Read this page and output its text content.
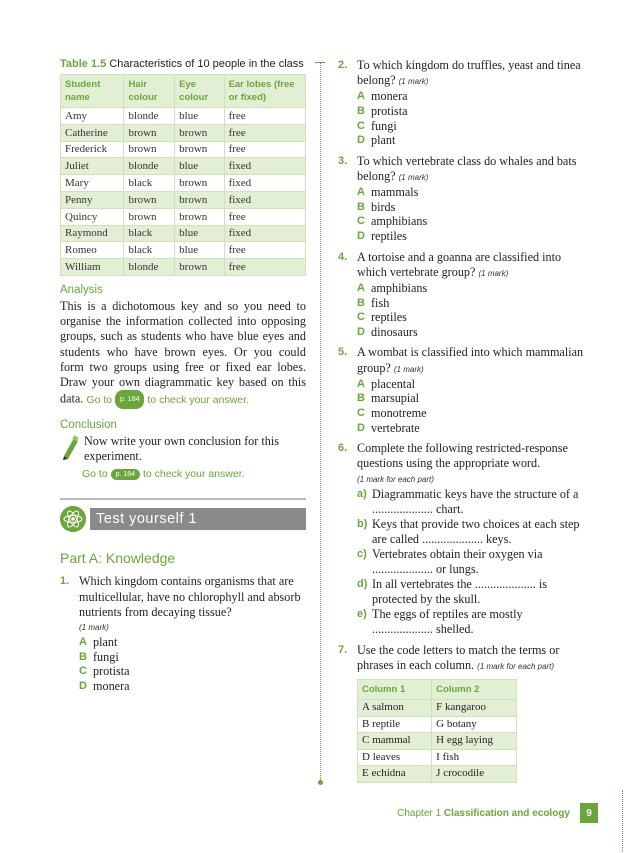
Table 1.5 Characteristics of 10 people in the class

Student name	Hair colour	Eye colour	Ear lobes (free or fixed)
Amy	blonde	blue	free
Catherine	brown	brown	free
Frederick	brown	brown	free
Juliet	blonde	blue	fixed
Mary	black	brown	fixed
Penny	brown	brown	fixed
Quincy	brown	brown	free
Raymond	black	blue	fixed
Romeo	black	blue	free
William	blonde	brown	free
Analysis

This is a dichotomous key and so you need to organise the information collected into opposing groups, such as students who have blue eyes and students who have brown eyes. Or you could form two groups using free or fixed ear lobes. Draw your own diagrammatic key based on this data. Go to p. 184 to check your answer.

Conclusion
Now write your own conclusion for this experiment.
Go to p. 184 to check your answer.
Test yourself 1
Part A: Knowledge
1. Which kingdom contains organisms that are multicellular, have no chlorophyll and absorb nutrients from decaying tissue?
(1 mark)
A plant
B fungi
C protista
D monera
2. To which kingdom do truffles, yeast and tinea belong? (1 mark)
A monera
B protista
C fungi
D plant
3. To which vertebrate class do whales and bats belong? (1 mark)
A mammals
B birds
C amphibians
D reptiles
4. A tortoise and a goanna are classified into which vertebrate group? (1 mark)
A amphibians
B fish
C reptiles
D dinosaurs
5. A wombat is classified into which mammalian group? (1 mark)
A placental
B marsupial
C monotreme
D vertebrate
6. Complete the following restricted-response questions using the appropriate word.
(1 mark for each part)
a) Diagrammatic keys have the structure of a .................... chart.
b) Keys that provide two choices at each step are called .................... keys.
c) Vertebrates obtain their oxygen via .................... or lungs.
d) In all vertebrates the .................... is protected by the skull.
e) The eggs of reptiles are mostly .................... shelled.
7. Use the code letters to match the terms or phrases in each column. (1 mark for each part)
Column 1	Column 2
A salmon	F kangaroo
B reptile	G botany
C mammal	H egg laying
D leaves	I fish
E echidna	J crocodile
Chapter 1
Classification and ecology	9
